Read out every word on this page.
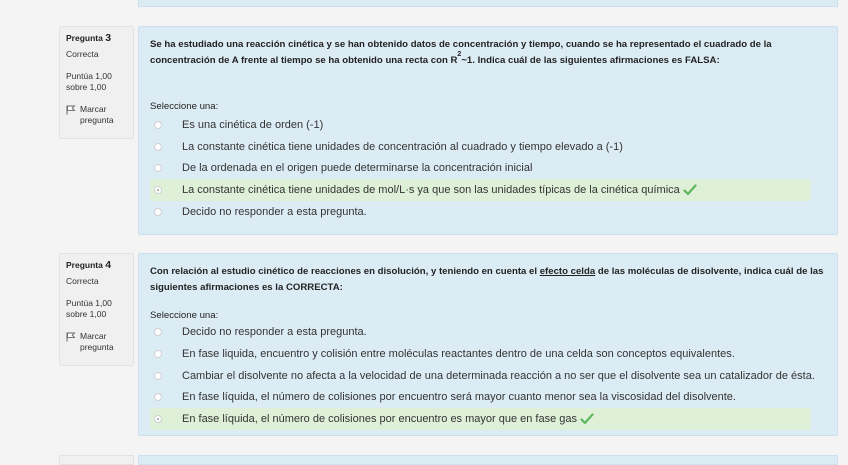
Pregunta 3
Correcta
Puntúa 1,00 sobre 1,00
Marcar pregunta
Se ha estudiado una reacción cinética y se han obtenido datos de concentración y tiempo, cuando se ha representado el cuadrado de la concentración de A frente al tiempo se ha obtenido una recta con $R^2\sim 1$. Indica cuál de las siguientes afirmaciones es FALSA:
Seleccione una:
Es una cinética de orden (-1)
La constante cinética tiene unidades de concentración al cuadrado y tiempo elevado a (-1)
De la ordenada en el origen puede determinarse la concentración inicial
La constante cinética tiene unidades de mol/L·s ya que son las unidades típicas de la cinética química
Decido no responder a esta pregunta.
Pregunta 4
Correcta
Puntúa 1,00 sobre 1,00
Marcar pregunta
Con relación al estudio cinético de reacciones en disolución, y teniendo en cuenta el efecto celda de las moléculas de disolvente, indica cuál de las siguientes afirmaciones es la CORRECTA:
Seleccione una:
Decido no responder a esta pregunta.
En fase liquida, encuentro y colisión entre moléculas reactantes dentro de una celda son conceptos equivalentes.
Cambiar el disolvente no afecta a la velocidad de una determinada reacción a no ser que el disolvente sea un catalizador de ésta.
En fase líquida, el número de colisiones por encuentro será mayor cuanto menor sea la viscosidad del disolvente.
En fase líquida, el número de colisiones por encuentro es mayor que en fase gas
